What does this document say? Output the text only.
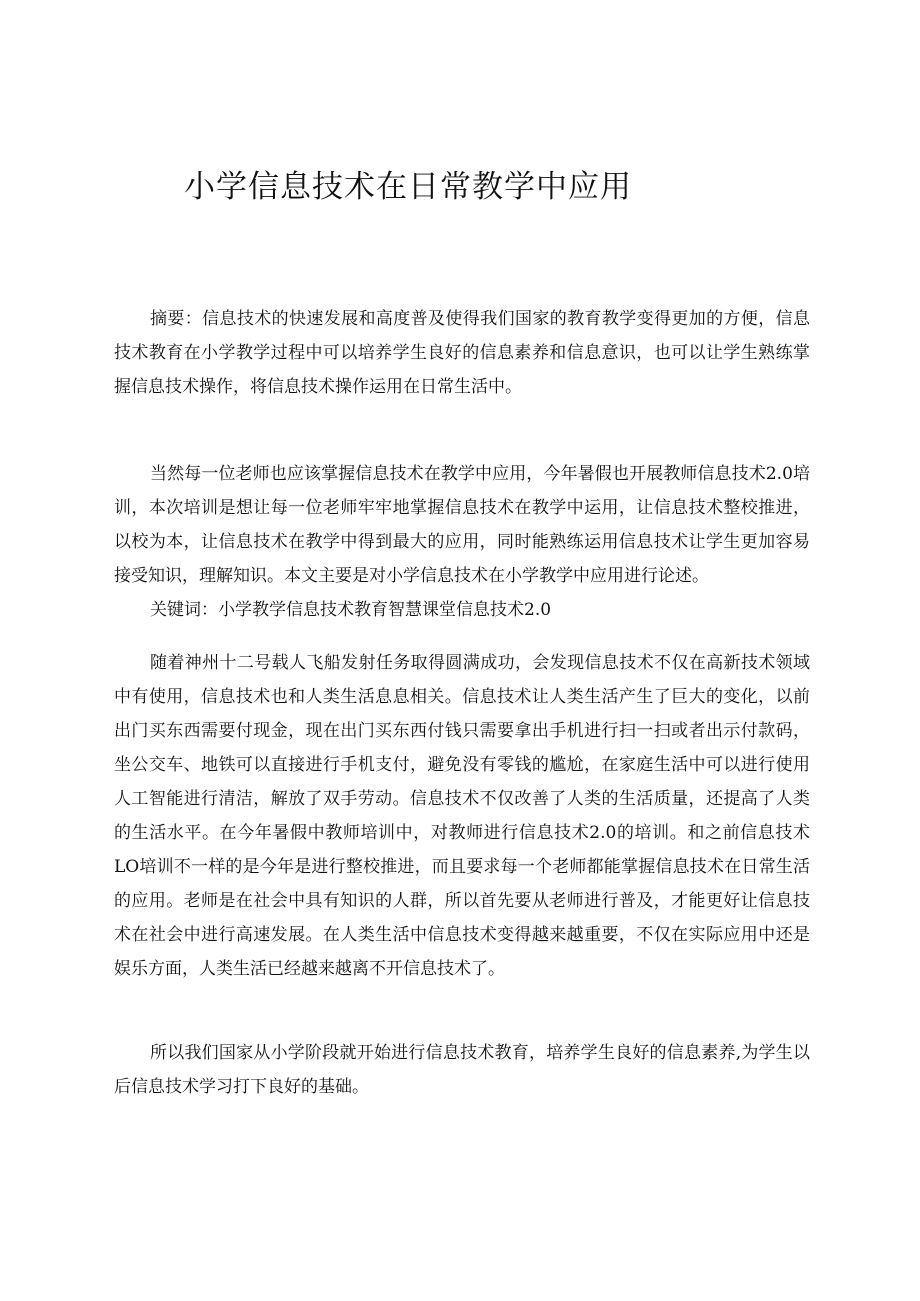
小学信息技术在日常教学中应用

摘要：信息技术的快速发展和高度普及使得我们国家的教育教学变得更加的方便，信息技术教育在小学教学过程中可以培养学生良好的信息素养和信息意识，也可以让学生熟练掌握信息技术操作，将信息技术操作运用在日常生活中。

当然每一位老师也应该掌握信息技术在教学中应用，今年暑假也开展教师信息技术2.0培训，本次培训是想让每一位老师牢牢地掌握信息技术在教学中运用，让信息技术整校推进，以校为本，让信息技术在教学中得到最大的应用，同时能熟练运用信息技术让学生更加容易接受知识，理解知识。本文主要是对小学信息技术在小学教学中应用进行论述。

关键词：小学教学信息技术教育智慧课堂信息技术2.0

随着神州十二号载人飞船发射任务取得圆满成功，会发现信息技术不仅在高新技术领域中有使用，信息技术也和人类生活息息相关。信息技术让人类生活产生了巨大的变化，以前出门买东西需要付现金，现在出门买东西付钱只需要拿出手机进行扫一扫或者出示付款码，坐公交车、地铁可以直接进行手机支付，避免没有零钱的尴尬，在家庭生活中可以进行使用人工智能进行清洁，解放了双手劳动。信息技术不仅改善了人类的生活质量，还提高了人类的生活水平。在今年暑假中教师培训中，对教师进行信息技术2.0的培训。和之前信息技术LO培训不一样的是今年是进行整校推进，而且要求每一个老师都能掌握信息技术在日常生活的应用。老师是在社会中具有知识的人群，所以首先要从老师进行普及，才能更好让信息技术在社会中进行高速发展。在人类生活中信息技术变得越来越重要，不仅在实际应用中还是娱乐方面，人类生活已经越来越离不开信息技术了。

所以我们国家从小学阶段就开始进行信息技术教育，培养学生良好的信息素养,为学生以后信息技术学习打下良好的基础。
